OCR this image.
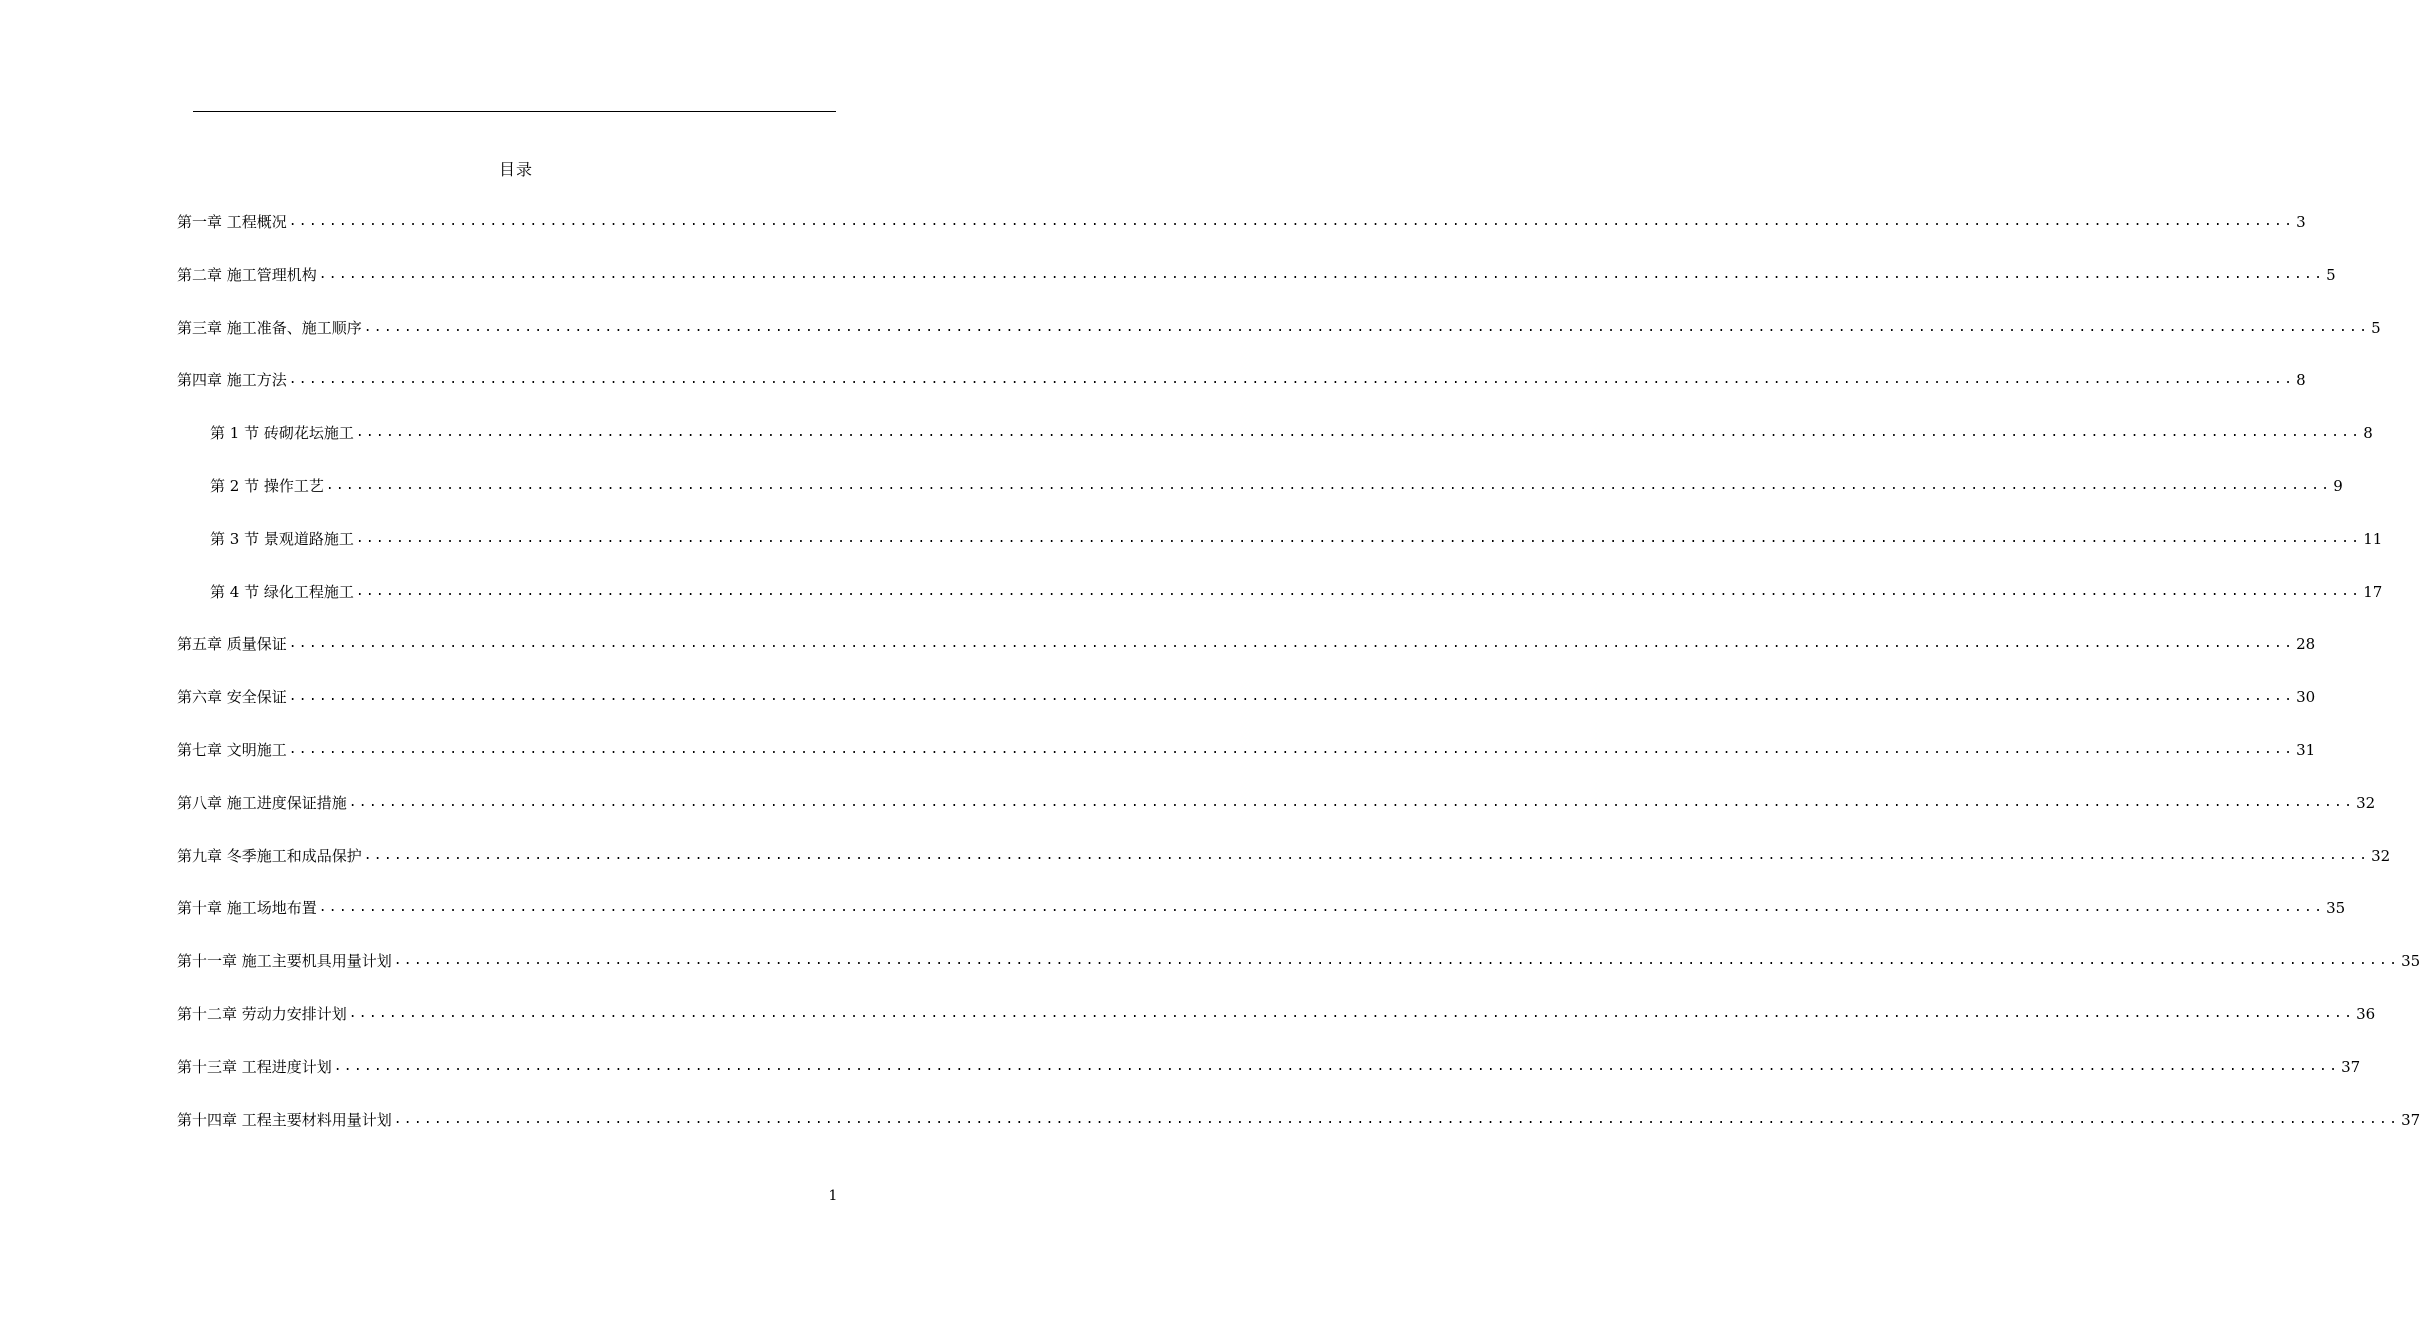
目录
第一章 工程概况 ........................................................................................................................................................................................................ 3
第二章 施工管理机构 ........................................................................................................................................................................................................ 5
第三章 施工准备、施工顺序 ........................................................................................................................................................................................................ 5
第四章 施工方法 ........................................................................................................................................................................................................ 8
第 1 节 砖砌花坛施工 ........................................................................................................................................................................................................ 8
第 2 节 操作工艺 ........................................................................................................................................................................................................ 9
第 3 节 景观道路施工 ........................................................................................................................................................................................................ 11
第 4 节 绿化工程施工 ........................................................................................................................................................................................................ 17
第五章 质量保证 ........................................................................................................................................................................................................ 28
第六章 安全保证 ........................................................................................................................................................................................................ 30
第七章 文明施工 ........................................................................................................................................................................................................ 31
第八章 施工进度保证措施 ........................................................................................................................................................................................................ 32
第九章 冬季施工和成品保护 ........................................................................................................................................................................................................ 32
第十章 施工场地布置 ........................................................................................................................................................................................................ 35
第十一章 施工主要机具用量计划 ........................................................................................................................................................................................................ 35
第十二章 劳动力安排计划 ........................................................................................................................................................................................................ 36
第十三章 工程进度计划 ........................................................................................................................................................................................................ 37
第十四章 工程主要材料用量计划 ........................................................................................................................................................................................................ 37
1
